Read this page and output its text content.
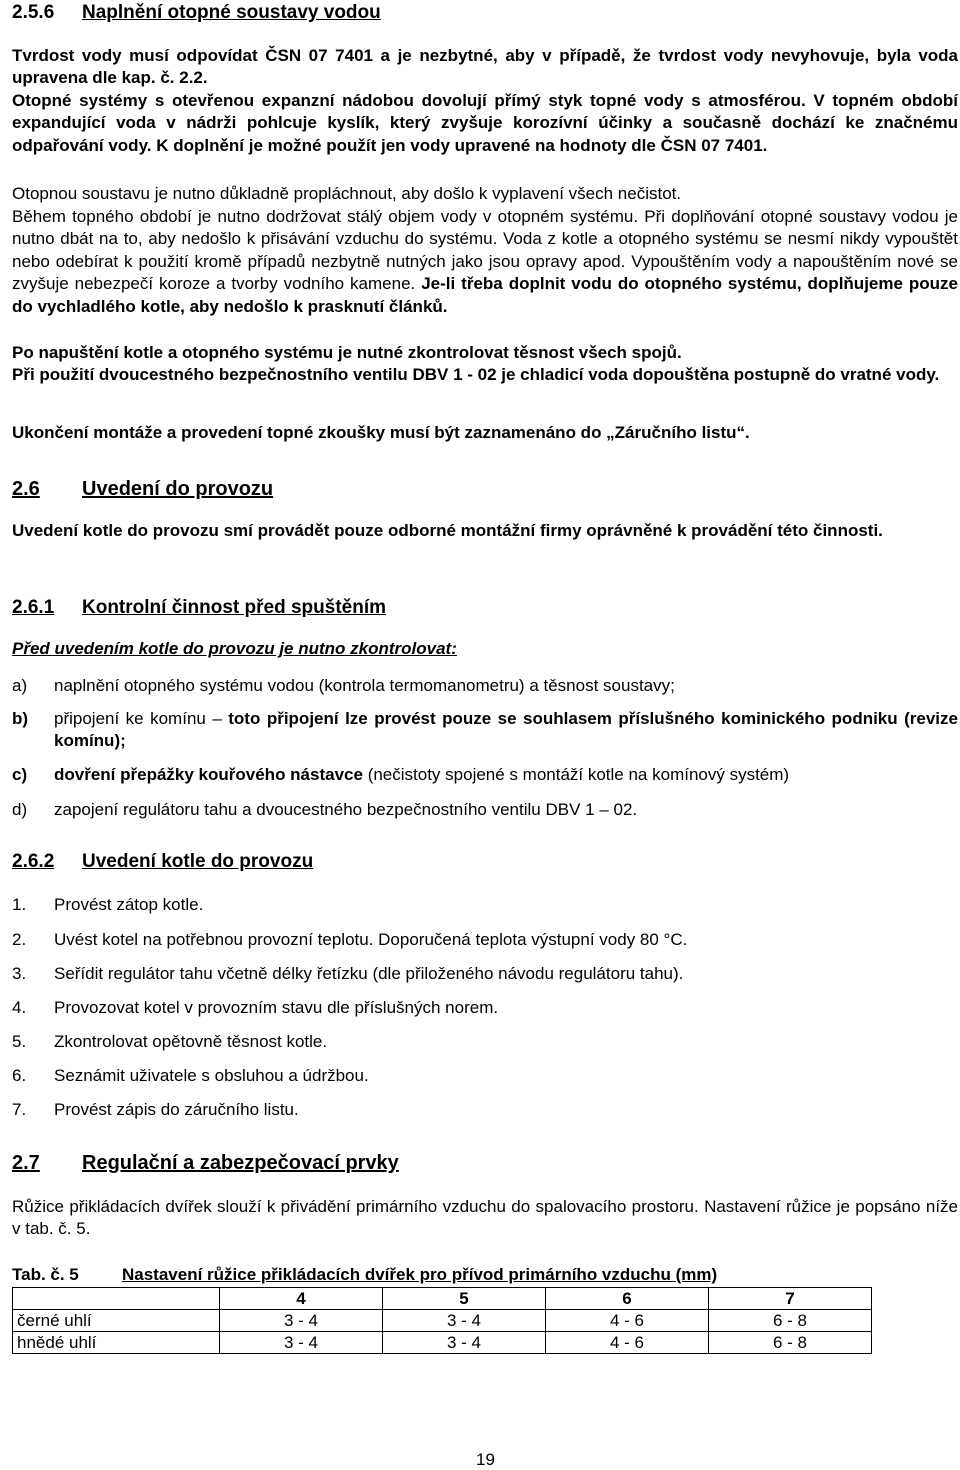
2.5.6 Naplnění otopné soustavy vodou
Tvrdost vody musí odpovídat ČSN 07 7401 a je nezbytné, aby v případě, že tvrdost vody nevyhovuje, byla voda upravena dle kap. č. 2.2.
Otopné systémy s otevřenou expanzní nádobou dovolují přímý styk topné vody s atmosférou. V topném období expandující voda v nádrži pohlcuje kyslík, který zvyšuje korozívní účinky a současně dochází ke značnému odpařování vody. K doplnění je možné použít jen vody upravené na hodnoty dle ČSN 07 7401.
Otopnou soustavu je nutno důkladně propláchnout, aby došlo k vyplavení všech nečistot.
Během topného období je nutno dodržovat stálý objem vody v otopném systému. Při doplňování otopné soustavy vodou je nutno dbát na to, aby nedošlo k přisávání vzduchu do systému. Voda z kotle a otopného systému se nesmí nikdy vypouštět nebo odebírat k použití kromě případů nezbytně nutných jako jsou opravy apod. Vypouštěním vody a napouštěním nové se zvyšuje nebezpečí koroze a tvorby vodního kamene. Je-li třeba doplnit vodu do otopného systému, doplňujeme pouze do vychladlého kotle, aby nedošlo k prasknutí článků.
Po napuštění kotle a otopného systému je nutné zkontrolovat těsnost všech spojů.
Při použití dvoucestného bezpečnostního ventilu DBV 1 - 02 je chladicí voda dopouštěna postupně do vratné vody.
Ukončení montáže a provedení topné zkoušky musí být zaznamenáno do „Záručního listu“.
2.6 Uvedení do provozu
Uvedení kotle do provozu smí provádět pouze odborné montážní firmy oprávněné k provádění této činnosti.
2.6.1 Kontrolní činnost před spuštěním
Před uvedením kotle do provozu je nutno zkontrolovat:
a) naplnění otopného systému vodou (kontrola termomanometru) a těsnost soustavy;
b) připojení ke komínu – toto připojení lze provést pouze se souhlasem příslušného kominického podniku (revize komínu);
c) dovření přepážky kouřového nástavce (nečistoty spojené s montáží kotle na komínový systém)
d) zapojení regulátoru tahu a dvoucestného bezpečnostního ventilu DBV 1 – 02.
2.6.2 Uvedení kotle do provozu
1. Provést zátop kotle.
2. Uvést kotel na potřebnou provozní teplotu. Doporučená teplota výstupní vody 80 °C.
3. Seřídit regulátor tahu včetně délky řetízku (dle přiloženého návodu regulátoru tahu).
4. Provozovat kotel v provozním stavu dle příslušných norem.
5. Zkontrolovat opětovně těsnost kotle.
6. Seznámit uživatele s obsluhou a údržbou.
7. Provést zápis do záručního listu.
2.7 Regulační a zabezpečovací prvky
Růžice přikládacích dvířek slouží k přivádění primárního vzduchu do spalovacího prostoru. Nastavení růžice je popsáno níže v tab. č. 5.
Tab. č. 5	Nastavení růžice přikládacích dvířek pro přívod primárního vzduchu (mm)
	4	5	6	7
černé uhlí	3 - 4	3 - 4	4 - 6	6 - 8
hnědé uhlí	3 - 4	3 - 4	4 - 6	6 - 8
19
